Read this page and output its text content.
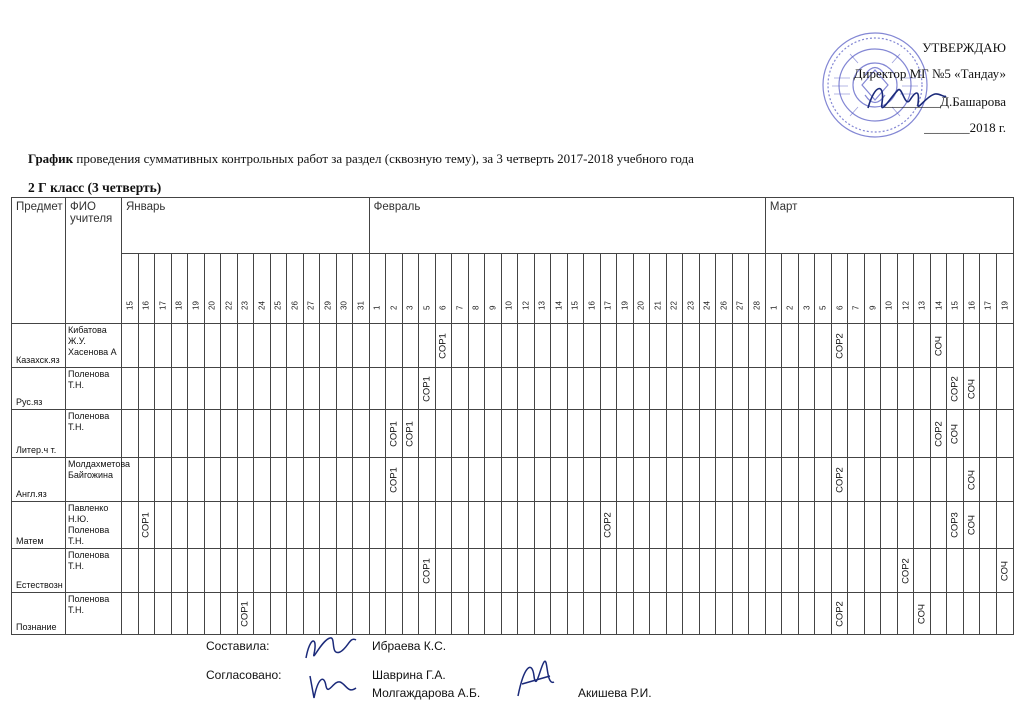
УТВЕРЖДАЮ
Директор МГ №5 «Тандау»
_________Д.Башарова
_______2018 г.
График проведения суммативных контрольных работ за раздел (сквозную тему), за 3 четверть 2017-2018 учебного года
2 Г класс (3 четверть)
Предмет	ФИО учителя	Январь															Февраль																								Март														

		15	16	17	18	19	20	22	23	24	25	26	27	29	30	31	1	2	3	5	6	7	8	9	10	12	13	14	15	16	17	19	20	21	22	23	24	26	27	28	1	2	3	5	6	7	9	10	12	13	14	15	16	17	19

Казахск.яз	Кибатова Ж.У. Хасенова А																				СОР1																								СОР2						СОЧ				

Рус.яз	Поленова Т.Н.																			СОР1																																СОР2	СОЧ		

Литер.ч т.	Поленова Т.Н.																	СОР1	СОР1																																СОР2	СОЧ			

Англ.яз	Молдахметова Байгожина																	СОР1																											СОР2								СОЧ		

Матем	Павленко Н.Ю. Поленова Т.Н.		СОР1																												СОР2																					СОР3	СОЧ		

Естествозн	Поленова Т.Н.																			СОР1																													СОР2						СОЧ

Познание	Поленова Т.Н.								СОР1																																				СОР2					СОЧ					

Составила:	Ибраева К.С.
Согласовано:	Шаврина Г.А.
Молгаждарова А.Б.	Акишева Р.И.
